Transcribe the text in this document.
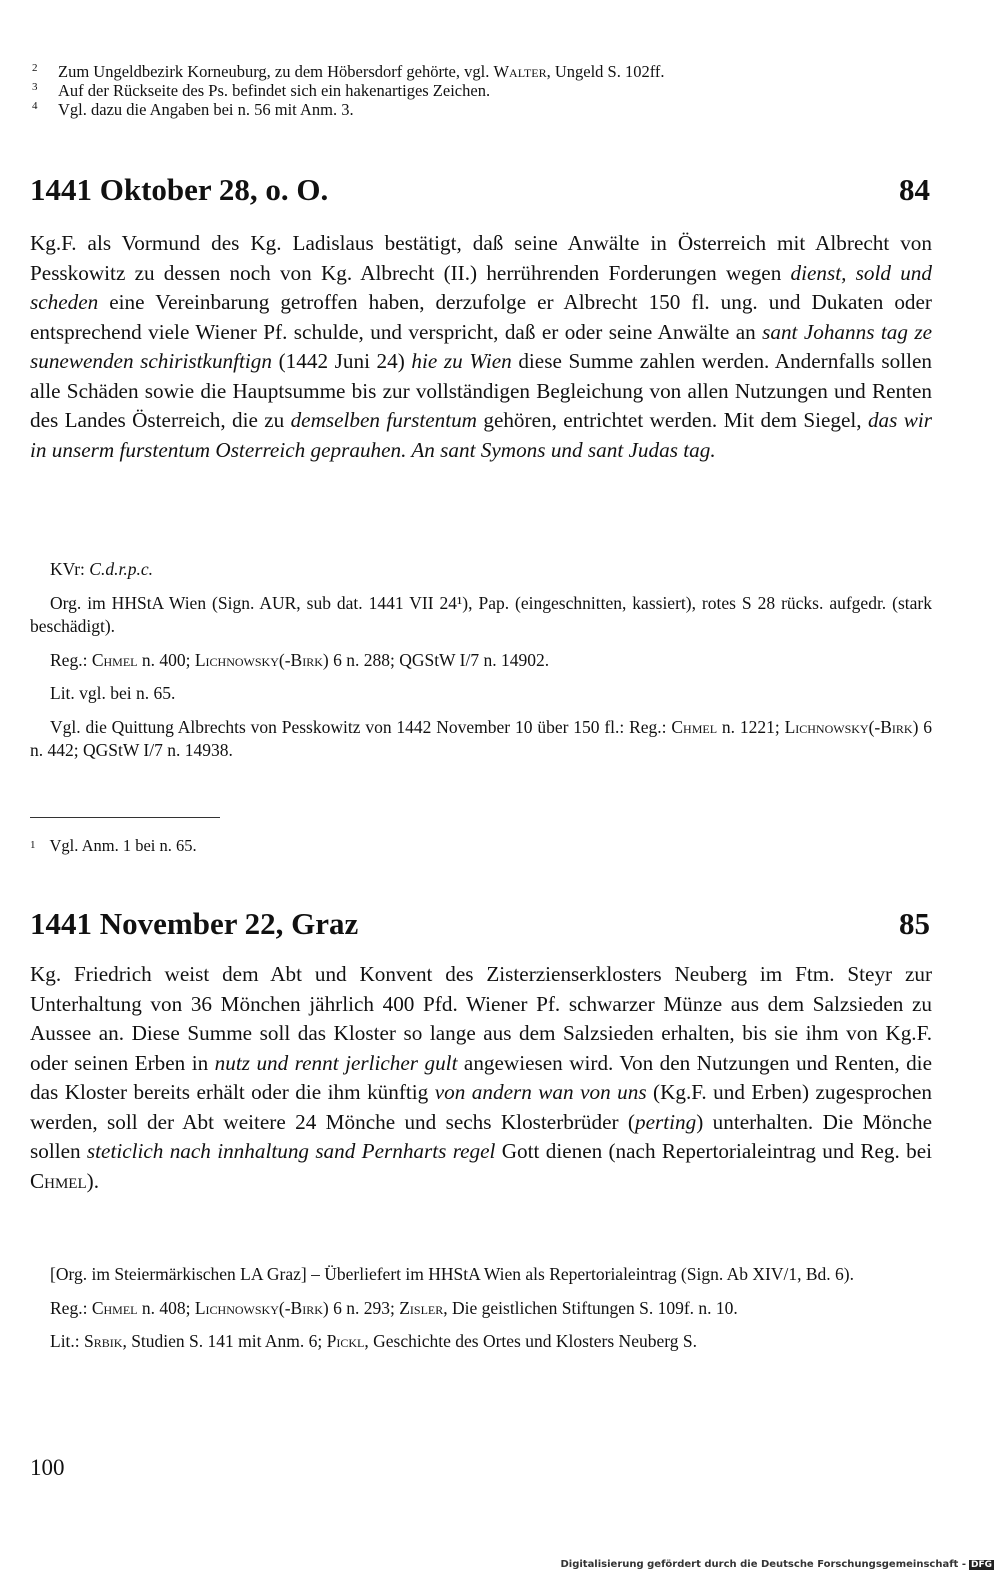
2 Zum Ungeldbezirk Korneuburg, zu dem Höbersdorf gehörte, vgl. Walter, Ungeld S. 102ff.
3 Auf der Rückseite des Ps. befindet sich ein hakenartiges Zeichen.
4 Vgl. dazu die Angaben bei n. 56 mit Anm. 3.
1441 Oktober 28, o. O.	84
Kg.F. als Vormund des Kg. Ladislaus bestätigt, daß seine Anwälte in Österreich mit Albrecht von Pesskowitz zu dessen noch von Kg. Albrecht (II.) herrührenden Forderungen wegen dienst, sold und scheden eine Vereinbarung getroffen haben, derzufolge er Albrecht 150 fl. ung. und Dukaten oder entsprechend viele Wiener Pf. schulde, und verspricht, daß er oder seine Anwälte an sant Johanns tag ze sunewenden schiristkunftign (1442 Juni 24) hie zu Wien diese Summe zahlen werden. Andernfalls sollen alle Schäden sowie die Hauptsumme bis zur vollständigen Begleichung von allen Nutzungen und Renten des Landes Österreich, die zu demselben furstentum gehören, entrichtet werden. Mit dem Siegel, das wir in unserm furstentum Osterreich geprauhen. An sant Symons und sant Judas tag.

KVr: C.d.r.p.c.

Org. im HHStA Wien (Sign. AUR, sub dat. 1441 VII 24¹), Pap. (eingeschnitten, kassiert), rotes S 28 rücks. aufgedr. (stark beschädigt).

Reg.: Chmel n. 400; Lichnowsky(-Birk) 6 n. 288; QGStW I/7 n. 14902.

Lit. vgl. bei n. 65.

Vgl. die Quittung Albrechts von Pesskowitz von 1442 November 10 über 150 fl.: Reg.: Chmel n. 1221; Lichnowsky(-Birk) 6 n. 442; QGStW I/7 n. 14938.

1 Vgl. Anm. 1 bei n. 65.
1441 November 22, Graz	85
Kg. Friedrich weist dem Abt und Konvent des Zisterzienserklosters Neuberg im Ftm. Steyr zur Unterhaltung von 36 Mönchen jährlich 400 Pfd. Wiener Pf. schwarzer Münze aus dem Salzsieden zu Aussee an. Diese Summe soll das Kloster so lange aus dem Salzsieden erhalten, bis sie ihm von Kg.F. oder seinen Erben in nutz und rennt jerlicher gult angewiesen wird. Von den Nutzungen und Renten, die das Kloster bereits erhält oder die ihm künftig von andern wan von uns (Kg.F. und Erben) zugesprochen werden, soll der Abt weitere 24 Mönche und sechs Klosterbrüder (perting) unterhalten. Die Mönche sollen steticlich nach innhaltung sand Pernharts regel Gott dienen (nach Repertorialeintrag und Reg. bei Chmel).

[Org. im Steiermärkischen LA Graz] – Überliefert im HHStA Wien als Repertorialeintrag (Sign. Ab XIV/1, Bd. 6).

Reg.: Chmel n. 408; Lichnowsky(-Birk) 6 n. 293; Zisler, Die geistlichen Stiftungen S. 109f. n. 10.

Lit.: Srbik, Studien S. 141 mit Anm. 6; Pickl, Geschichte des Ortes und Klosters Neuberg S.

100
Digitalisierung gefördert durch die Deutsche Forschungsgemeinschaft - DFG
